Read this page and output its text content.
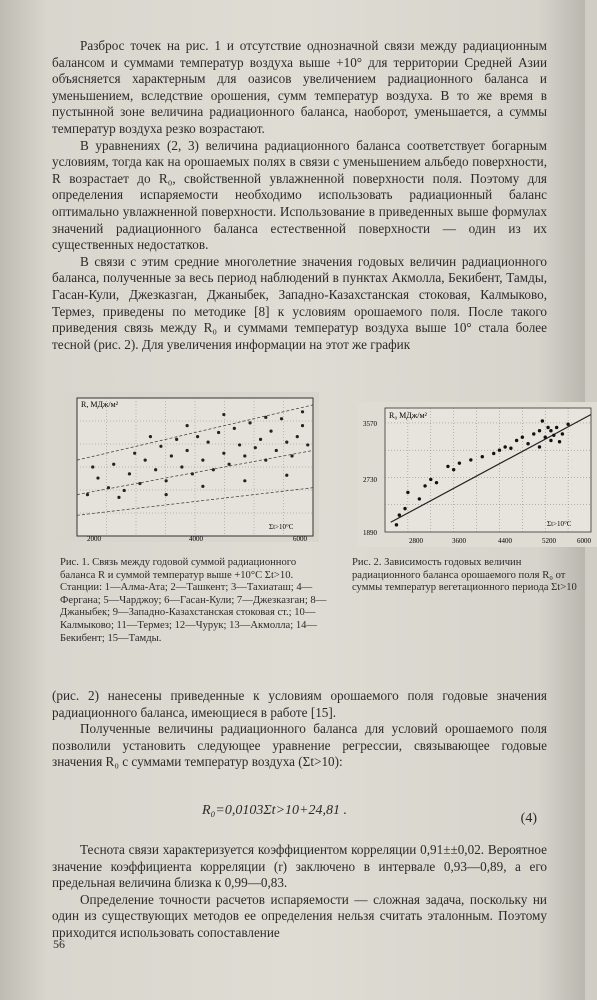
Разброс точек на рис. 1 и отсутствие однозначной связи между радиационным балансом и суммами температур воздуха выше +10° для территории Средней Азии объясняется характерным для оазисов увеличением радиационного баланса и уменьшением, вследствие орошения, сумм температур воздуха. В то же время в пустынной зоне величина радиационного баланса, наоборот, уменьшается, а суммы температур воздуха резко возрастают.

В уравнениях (2, 3) величина радиационного баланса соответствует богарным условиям, тогда как на орошаемых полях в связи с уменьшением альбедо поверхности, R возрастает до R₀, свойственной увлажненной поверхности поля. Поэтому для определения испаряемости необходимо использовать радиационный баланс оптимально увлажненной поверхности. Использование в приведенных выше формулах значений радиационного баланса естественной поверхности — один из их существенных недостатков.

В связи с этим средние многолетние значения годовых величин радиационного баланса, полученные за весь период наблюдений в пунктах Акмолла, Бекибент, Тамды, Гасан-Кули, Джезказган, Джаныбек, Западно-Казахстанская стоковая, Калмыково, Термез, приведены по методике [8] к условиям орошаемого поля. После такого приведения связь между R₀ и суммами температур воздуха выше 10° стала более тесной (рис. 2). Для увеличения информации на этот же график

R, МДж/м²
Σt>10°C
2000	4000	6000
R₀ МДж/м²
Σt>10°C
3570
2730
1890
2800	3600	4400	5200	6000
Рис. 1. Связь между годовой суммой радиационного баланса R и суммой температур выше +10°C Σt>10. Станции: 1—Алма-Ата; 2—Ташкент; 3—Тахиаташ; 4—Фергана; 5—Чарджоу; 6—Гасан-Кули; 7—Джезказган; 8—Джаныбек; 9—Западно-Казахстанская стоковая ст.; 10—Калмыково; 11—Термез; 12—Чурук; 13—Акмолла; 14—Бекибент; 15—Тамды.
Рис. 2. Зависимость годовых величин радиационного баланса орошаемого поля R₀ от суммы температур вегетационного периода Σt>10

(рис. 2) нанесены приведенные к условиям орошаемого поля годовые значения радиационного баланса, имеющиеся в работе [15].

Полученные величины радиационного баланса для условий орошаемого поля позволили установить следующее уравнение регрессии, связывающее годовые значения R₀ с суммами температур воздуха (Σt>10):

R₀=0,0103Σt>10+24,81 .
(4)

Теснота связи характеризуется коэффициентом корреляции 0,91±±0,02. Вероятное значение коэффициента корреляции (r) заключено в интервале 0,93—0,89, а его предельная величина близка к 0,99—0,83.

Определение точности расчетов испаряемости — сложная задача, поскольку ни один из существующих методов ее определения нельзя считать эталонным. Поэтому приходится использовать сопоставление

56
